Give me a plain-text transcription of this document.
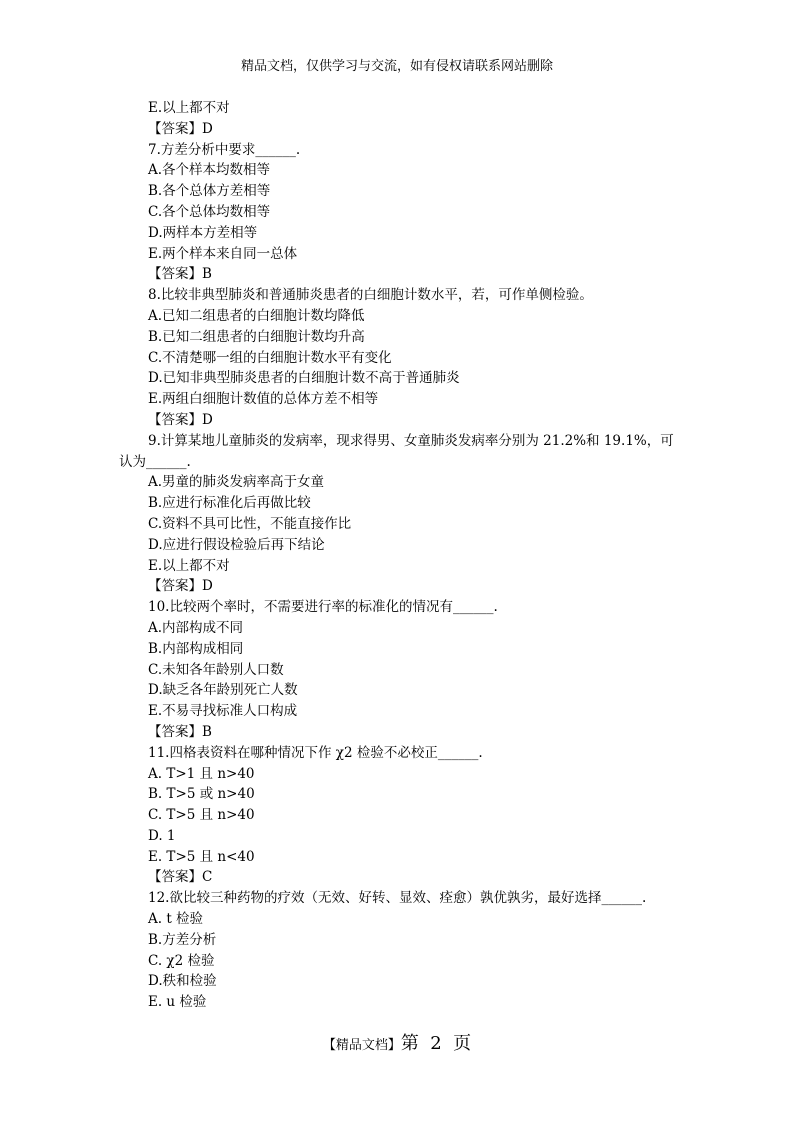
精品文档，仅供学习与交流，如有侵权请联系网站删除
E.以上都不对
【答案】D
7.方差分析中要求______.
A.各个样本均数相等
B.各个总体方差相等
C.各个总体均数相等
D.两样本方差相等
E.两个样本来自同一总体
【答案】B
8.比较非典型肺炎和普通肺炎患者的白细胞计数水平，若，可作单侧检验。
A.已知二组患者的白细胞计数均降低
B.已知二组患者的白细胞计数均升高
C.不清楚哪一组的白细胞计数水平有变化
D.已知非典型肺炎患者的白细胞计数不高于普通肺炎
E.两组白细胞计数值的总体方差不相等
【答案】D
9.计算某地儿童肺炎的发病率，现求得男、女童肺炎发病率分别为 21.2%和 19.1%，可
认为______.
A.男童的肺炎发病率高于女童
B.应进行标准化后再做比较
C.资料不具可比性，不能直接作比
D.应进行假设检验后再下结论
E.以上都不对
【答案】D
10.比较两个率时，不需要进行率的标准化的情况有______.
A.内部构成不同
B.内部构成相同
C.未知各年龄别人口数
D.缺乏各年龄别死亡人数
E.不易寻找标准人口构成
【答案】B
11.四格表资料在哪种情况下作 χ2 检验不必校正______.
A. T>1 且 n>40
B. T>5 或 n>40
C. T>5 且 n>40
D. 1
E. T>5 且 n<40
【答案】C
12.欲比较三种药物的疗效（无效、好转、显效、痊愈）孰优孰劣，最好选择______.
A. t 检验
B.方差分析
C. χ2 检验
D.秩和检验
E. u 检验
【精品文档】第  2  页
